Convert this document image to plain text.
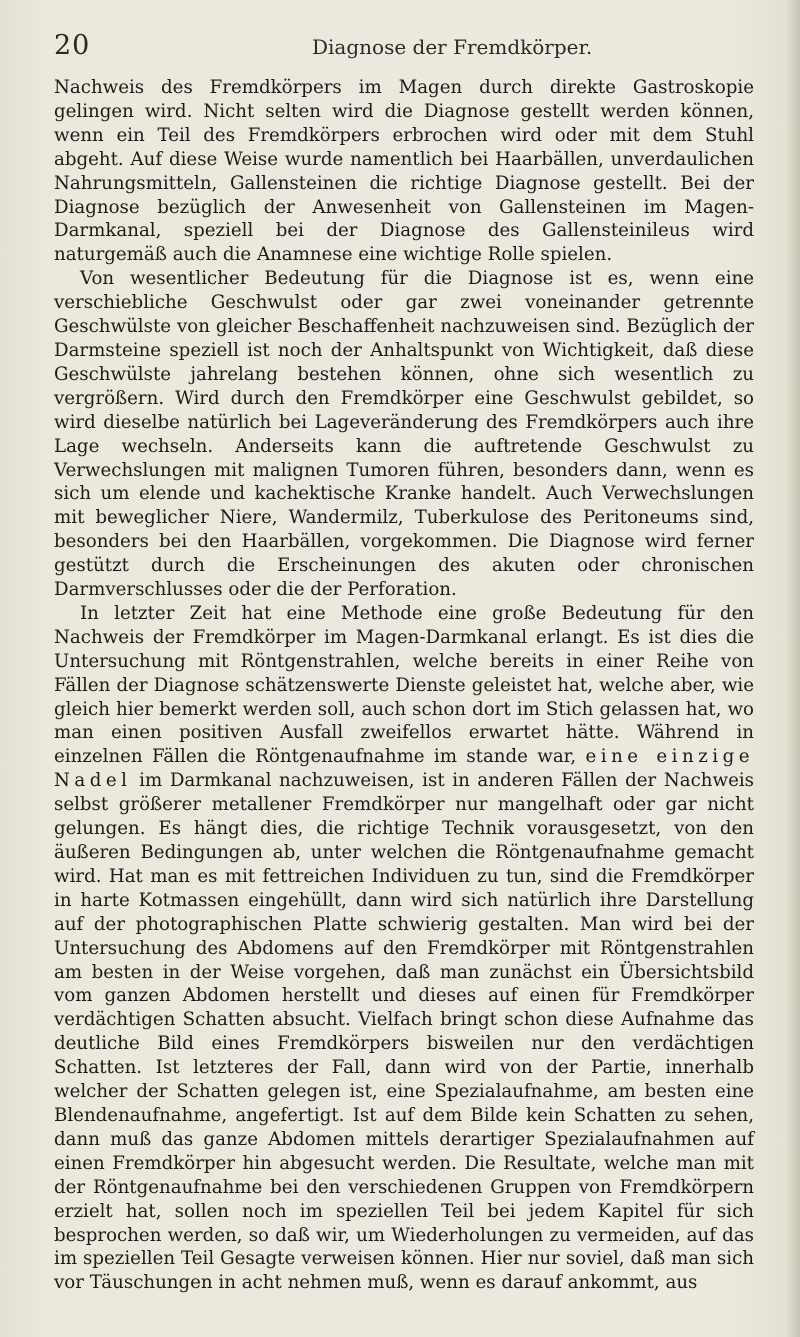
20	Diagnose der Fremdkörper.

Nachweis des Fremdkörpers im Magen durch direkte Gastroskopie gelingen wird. Nicht selten wird die Diagnose gestellt werden können, wenn ein Teil des Fremdkörpers erbrochen wird oder mit dem Stuhl abgeht. Auf diese Weise wurde namentlich bei Haarbällen, unverdaulichen Nahrungsmitteln, Gallensteinen die richtige Diagnose gestellt. Bei der Diagnose bezüglich der Anwesenheit von Gallensteinen im Magen-Darmkanal, speziell bei der Diagnose des Gallensteinileus wird naturgemäß auch die Anamnese eine wichtige Rolle spielen.

Von wesentlicher Bedeutung für die Diagnose ist es, wenn eine verschiebliche Geschwulst oder gar zwei voneinander getrennte Geschwülste von gleicher Beschaffenheit nachzuweisen sind. Bezüglich der Darmsteine speziell ist noch der Anhaltspunkt von Wichtigkeit, daß diese Geschwülste jahrelang bestehen können, ohne sich wesentlich zu vergrößern. Wird durch den Fremdkörper eine Geschwulst gebildet, so wird dieselbe natürlich bei Lageveränderung des Fremdkörpers auch ihre Lage wechseln. Anderseits kann die auftretende Geschwulst zu Verwechslungen mit malignen Tumoren führen, besonders dann, wenn es sich um elende und kachektische Kranke handelt. Auch Verwechslungen mit beweglicher Niere, Wandermilz, Tuberkulose des Peritoneums sind, besonders bei den Haarbällen, vorgekommen. Die Diagnose wird ferner gestützt durch die Erscheinungen des akuten oder chronischen Darmverschlusses oder die der Perforation.

In letzter Zeit hat eine Methode eine große Bedeutung für den Nachweis der Fremdkörper im Magen-Darmkanal erlangt. Es ist dies die Untersuchung mit Röntgenstrahlen, welche bereits in einer Reihe von Fällen der Diagnose schätzenswerte Dienste geleistet hat, welche aber, wie gleich hier bemerkt werden soll, auch schon dort im Stich gelassen hat, wo man einen positiven Ausfall zweifellos erwartet hätte. Während in einzelnen Fällen die Röntgenaufnahme im stande war, eine einzige Nadel im Darmkanal nachzuweisen, ist in anderen Fällen der Nachweis selbst größerer metallener Fremdkörper nur mangelhaft oder gar nicht gelungen. Es hängt dies, die richtige Technik vorausgesetzt, von den äußeren Bedingungen ab, unter welchen die Röntgenaufnahme gemacht wird. Hat man es mit fettreichen Individuen zu tun, sind die Fremdkörper in harte Kotmassen eingehüllt, dann wird sich natürlich ihre Darstellung auf der photographischen Platte schwierig gestalten. Man wird bei der Untersuchung des Abdomens auf den Fremdkörper mit Röntgenstrahlen am besten in der Weise vorgehen, daß man zunächst ein Übersichtsbild vom ganzen Abdomen herstellt und dieses auf einen für Fremdkörper verdächtigen Schatten absucht. Vielfach bringt schon diese Aufnahme das deutliche Bild eines Fremdkörpers bisweilen nur den verdächtigen Schatten. Ist letzteres der Fall, dann wird von der Partie, innerhalb welcher der Schatten gelegen ist, eine Spezialaufnahme, am besten eine Blendenaufnahme, angefertigt. Ist auf dem Bilde kein Schatten zu sehen, dann muß das ganze Abdomen mittels derartiger Spezialaufnahmen auf einen Fremdkörper hin abgesucht werden. Die Resultate, welche man mit der Röntgenaufnahme bei den verschiedenen Gruppen von Fremdkörpern erzielt hat, sollen noch im speziellen Teil bei jedem Kapitel für sich besprochen werden, so daß wir, um Wiederholungen zu vermeiden, auf das im speziellen Teil Gesagte verweisen können. Hier nur soviel, daß man sich vor Täuschungen in acht nehmen muß, wenn es darauf ankommt, aus
